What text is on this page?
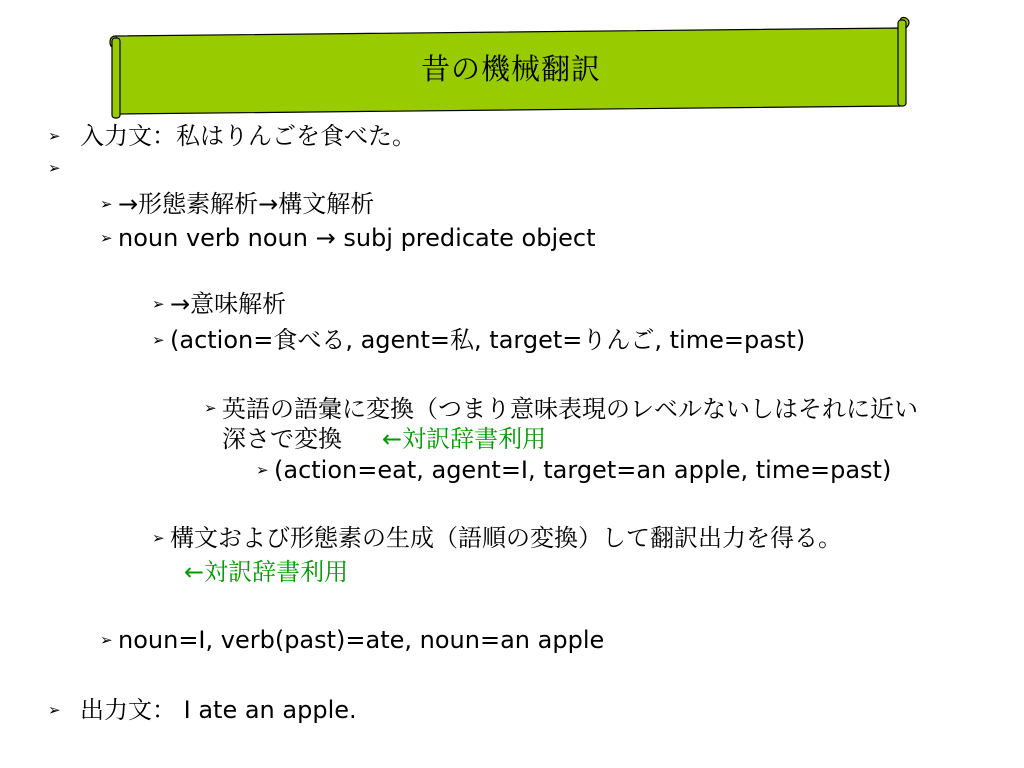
昔の機械翻訳
➢ 入力文：私はりんごを食べた。
➢
➢ →形態素解析→構文解析
➢ noun verb noun → subj predicate object
➢ →意味解析
➢ (action=食べる, agent=私, target=りんご, time=past)
➢ 英語の語彙に変換（つまり意味表現のレベルないしはそれに近い深さで変換 ←対訳辞書利用
➢ (action=eat, agent=I, target=an apple, time=past)
➢ 構文および形態素の生成（語順の変換）して翻訳出力を得る。
←対訳辞書利用
➢ noun=I, verb(past)=ate, noun=an apple
➢ 出力文： I ate an apple.
